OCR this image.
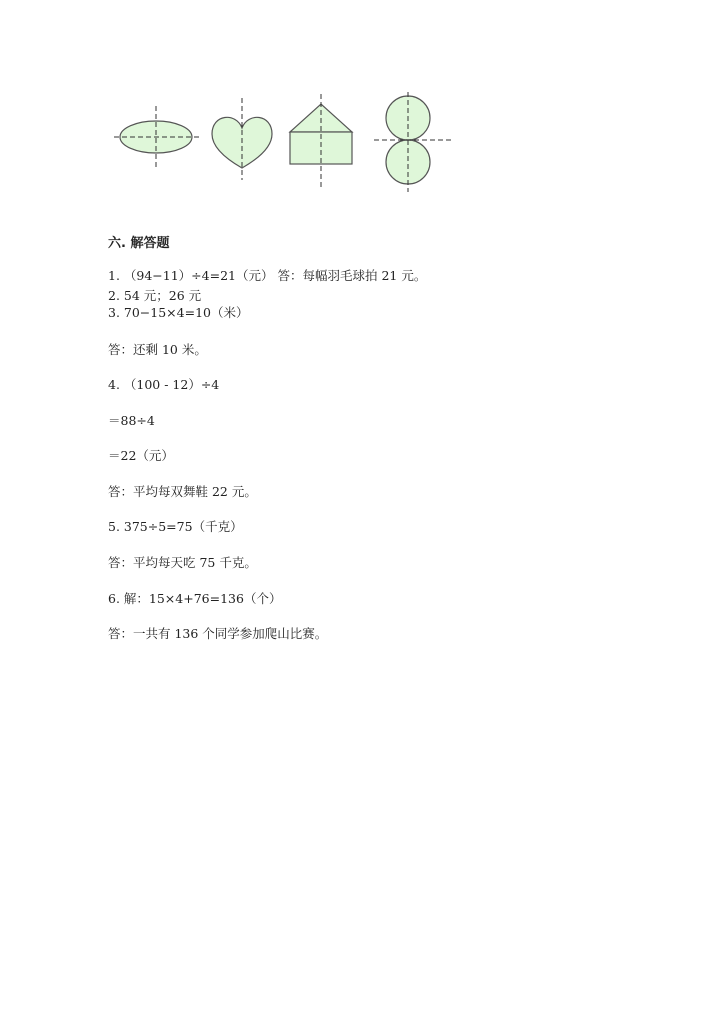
六. 解答题

1. （94−11）÷4=21（元） 答：每幅羽毛球拍 21 元。

2. 54 元；26 元

3. 70−15×4=10（米）

答：还剩 10 米。

4. （100 - 12）÷4

＝88÷4

＝22（元）

答：平均每双舞鞋 22 元。

5. 375÷5=75（千克）

答：平均每天吃 75 千克。

6. 解：15×4+76=136（个）

答：一共有 136 个同学参加爬山比赛。
